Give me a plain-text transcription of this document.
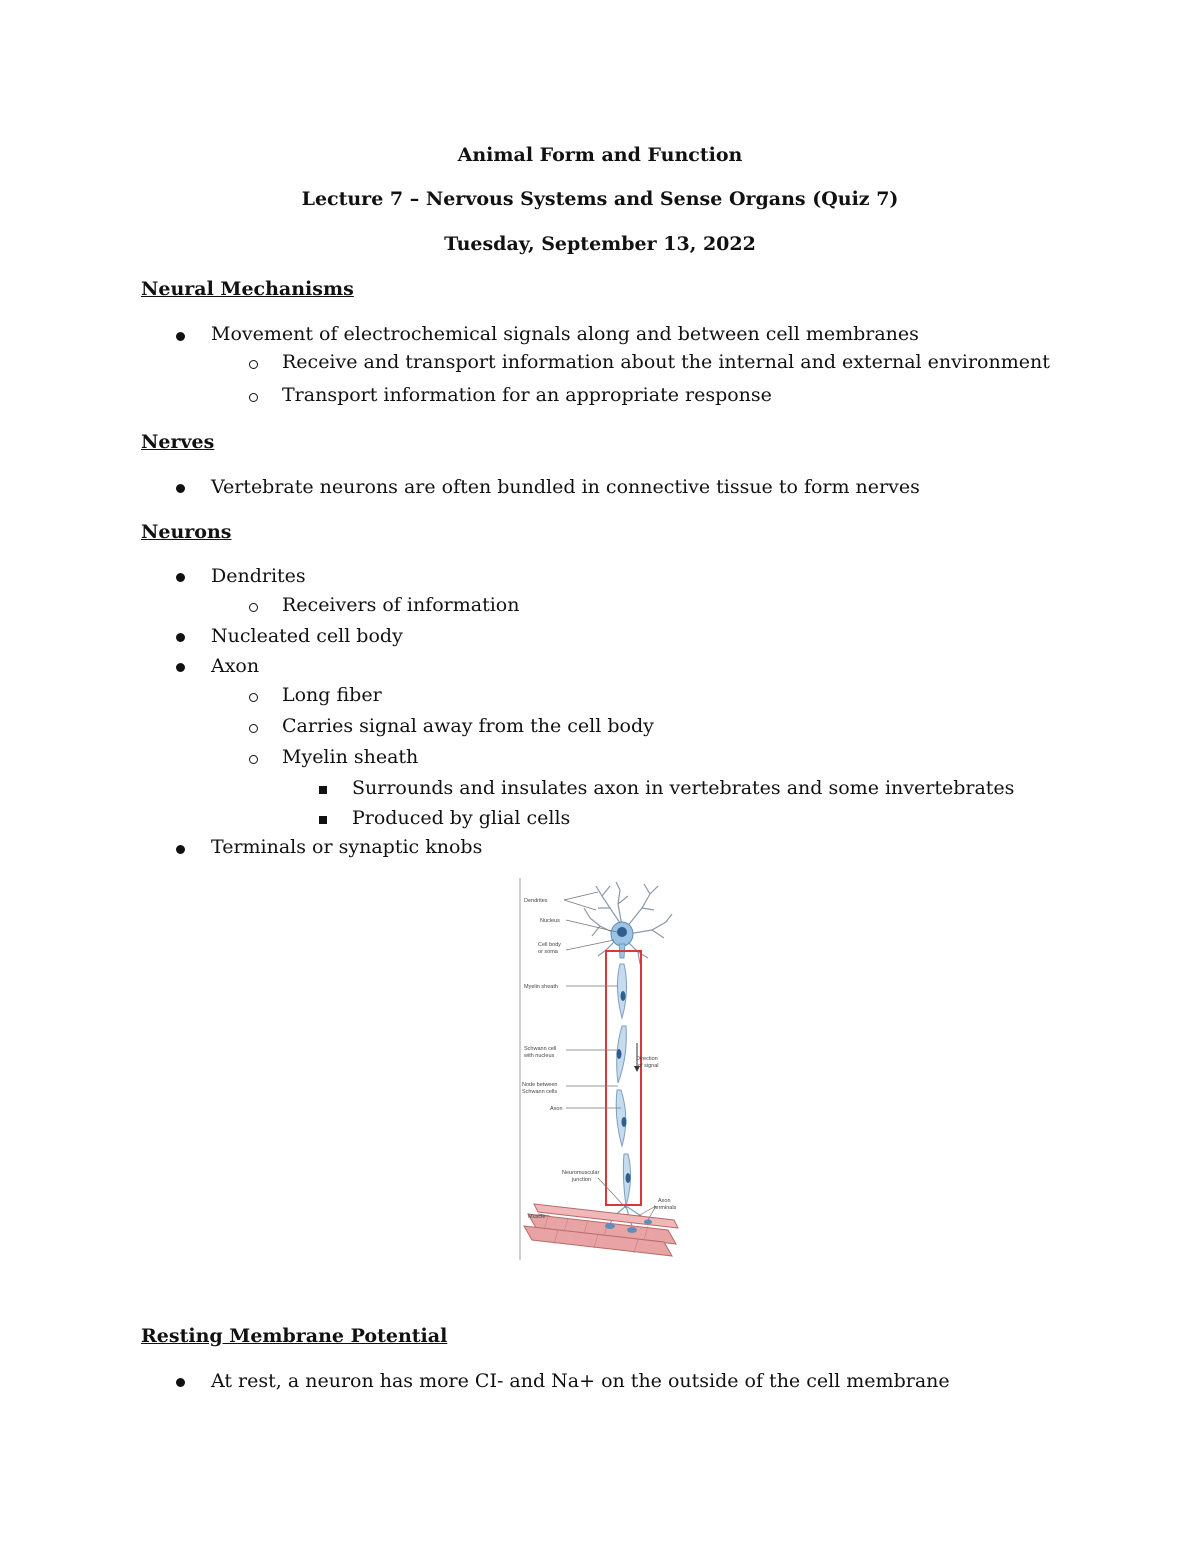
Animal Form and Function

Lecture 7 – Nervous Systems and Sense Organs (Quiz 7)

Tuesday, September 13, 2022

Neural Mechanisms

Movement of electrochemical signals along and between cell membranes

Receive and transport information about the internal and external environment

Transport information for an appropriate response

Nerves

Vertebrate neurons are often bundled in connective tissue to form nerves

Neurons

Dendrites

Receivers of information

Nucleated cell body

Axon

Long fiber

Carries signal away from the cell body

Myelin sheath

Surrounds and insulates axon in vertebrates and some invertebrates

Produced by glial cells

Terminals or synaptic knobs

Dendrites
Nucleus
Cell body
or soma
Myelin sheath
Schwann cell
with nucleus
Node between
Schwann cells
Axon
Direction
of signal
Neuromuscular
junction
Axon
terminals
Muscle

Resting Membrane Potential

At rest, a neuron has more CI- and Na+ on the outside of the cell membrane
